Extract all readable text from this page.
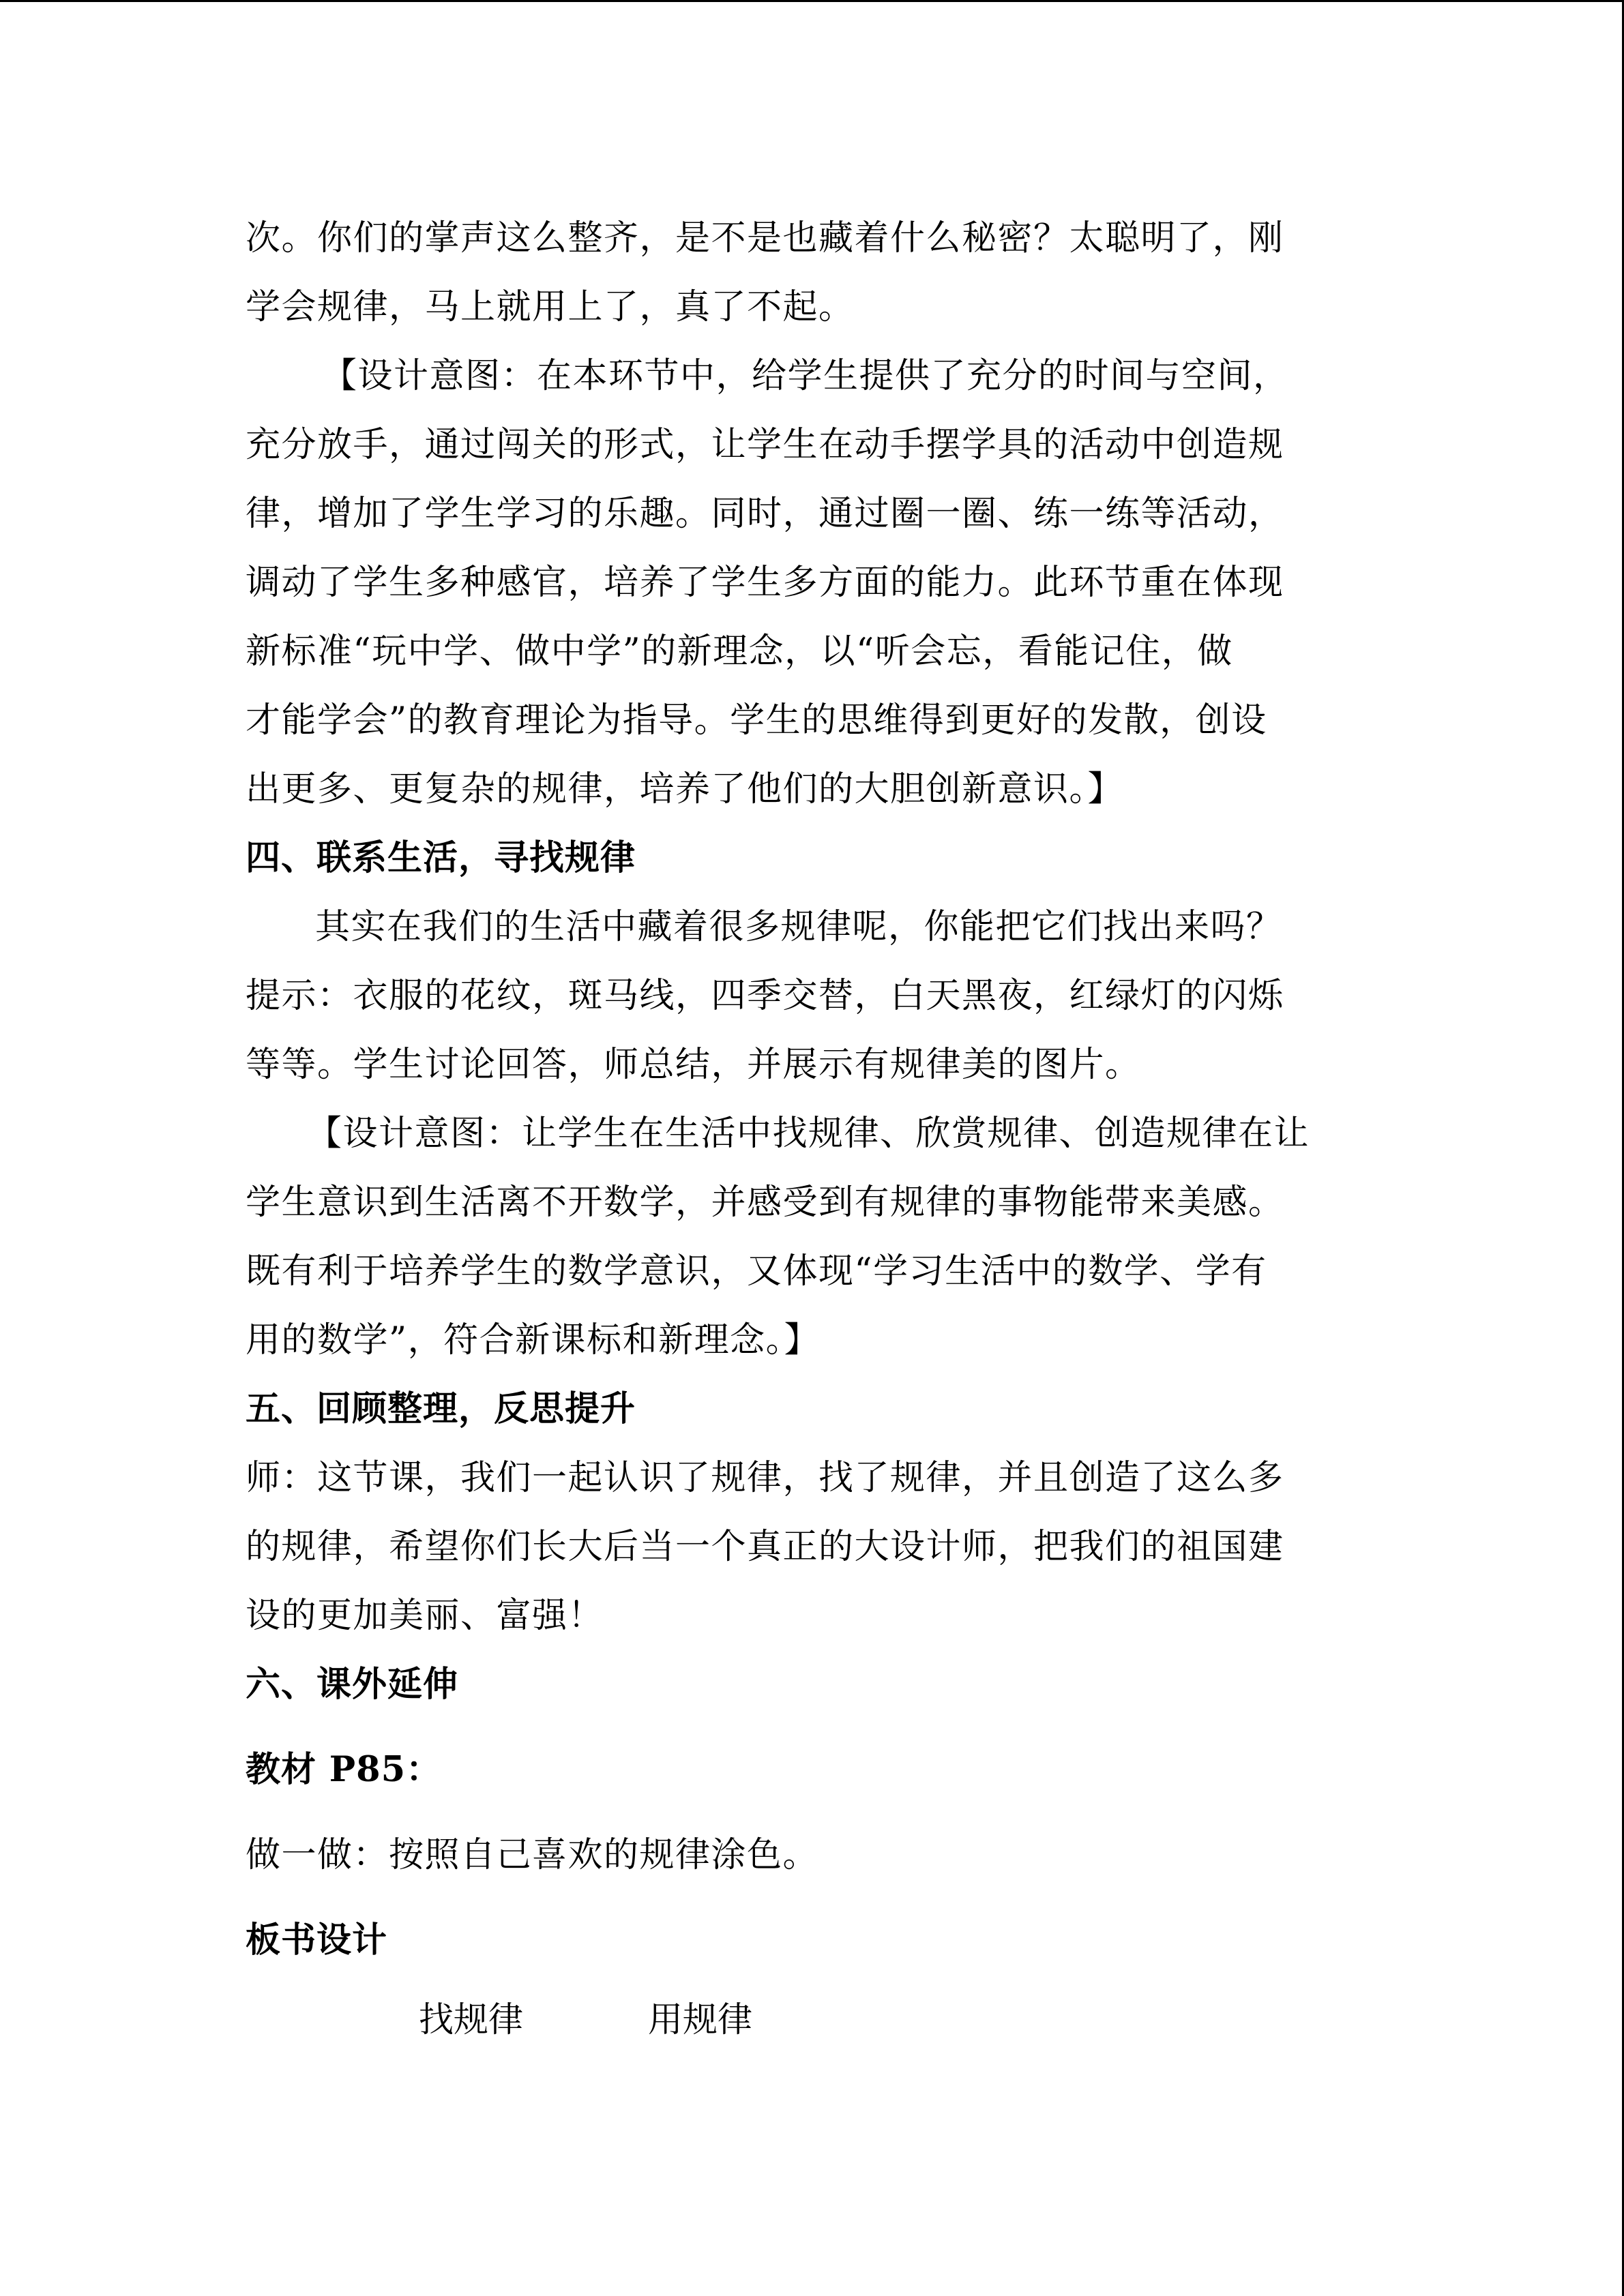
次。你们的掌声这么整齐，是不是也藏着什么秘密？太聪明了，刚
学会规律，马上就用上了，真了不起。
【设计意图：在本环节中，给学生提供了充分的时间与空间，
充分放手，通过闯关的形式，让学生在动手摆学具的活动中创造规
律，增加了学生学习的乐趣。同时，通过圈一圈、练一练等活动，
调动了学生多种感官，培养了学生多方面的能力。此环节重在体现
新标准“玩中学、做中学”的新理念，以“听会忘，看能记住，做
才能学会”的教育理论为指导。学生的思维得到更好的发散，创设
出更多、更复杂的规律，培养了他们的大胆创新意识。】
四、联系生活，寻找规律
其实在我们的生活中藏着很多规律呢，你能把它们找出来吗？
提示：衣服的花纹，斑马线，四季交替，白天黑夜，红绿灯的闪烁
等等。学生讨论回答，师总结，并展示有规律美的图片。
【设计意图：让学生在生活中找规律、欣赏规律、创造规律在让
学生意识到生活离不开数学，并感受到有规律的事物能带来美感。
既有利于培养学生的数学意识，又体现“学习生活中的数学、学有
用的数学”，符合新课标和新理念。】
五、回顾整理，反思提升
师：这节课，我们一起认识了规律，找了规律，并且创造了这么多
的规律，希望你们长大后当一个真正的大设计师，把我们的祖国建
设的更加美丽、富强！
六、课外延伸
教材 P85：
做一做：按照自己喜欢的规律涂色。
板书设计
找规律	用规律
